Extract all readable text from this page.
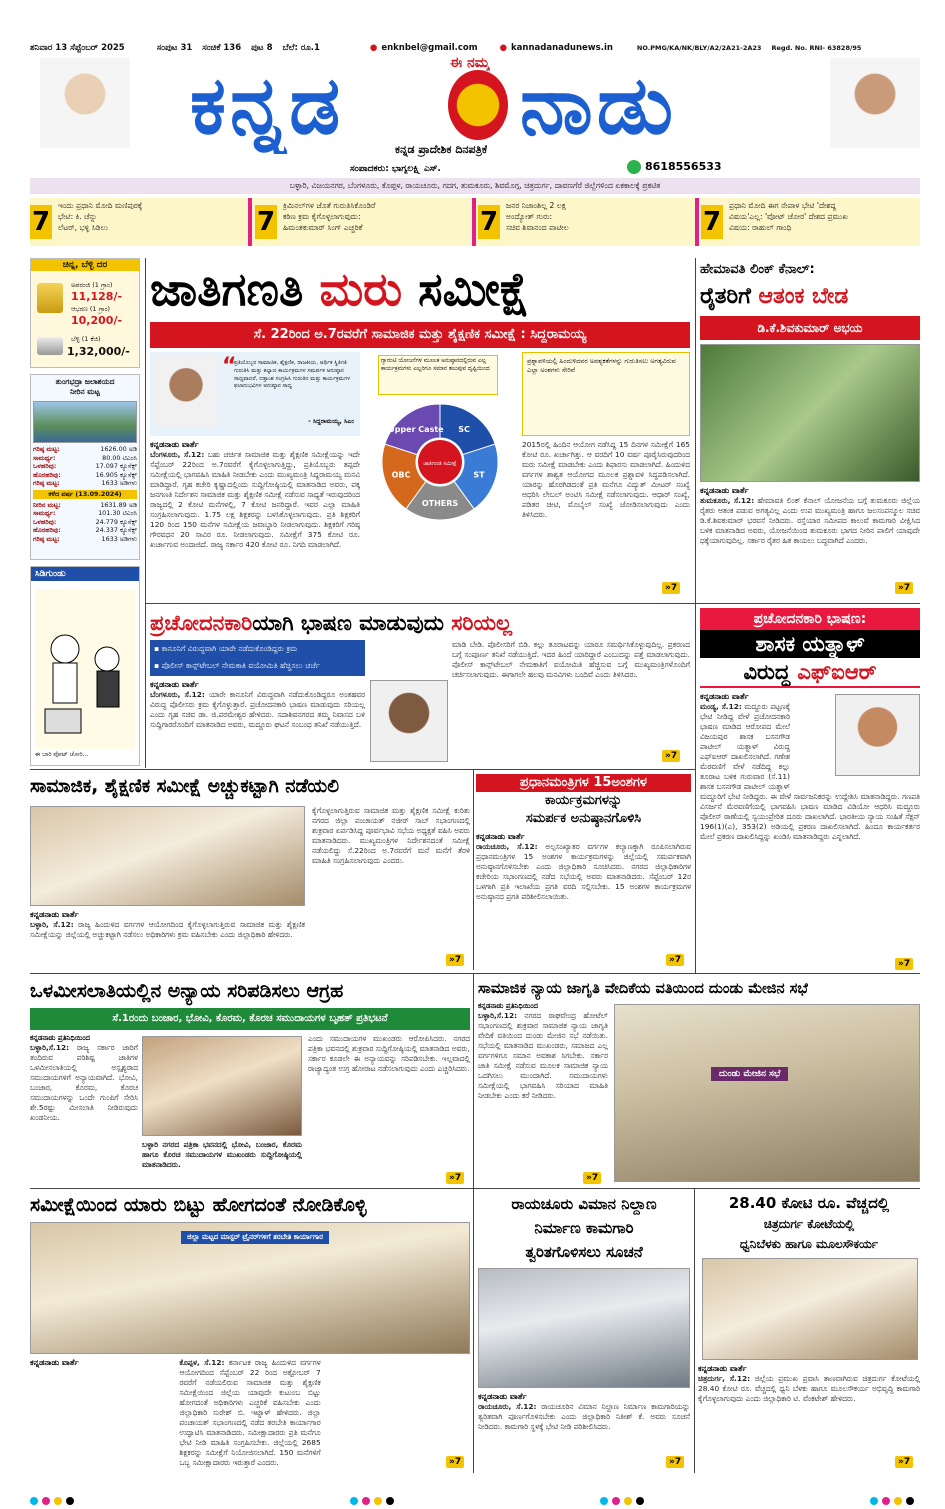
ಶನಿವಾರ 13 ಸೆಪ್ಟೆಂಬರ್ 2025	ಸಂಪುಟ 31 ಸಂಚಿಕೆ 136 ಪುಟ 8 ಬೆಲೆ: ರೂ.1	● enknbel@gmail.com	● kannadanadunews.in	NO.PMG/KA/NK/BLY/A2/2A21-2A23 Regd. No. RNI- 63828/95
ಕನ್ನಡ	ಈ ನಮ್ಮ ನಾಡು
ಕನ್ನಡ ಪ್ರಾದೇಶಿಕ ದಿನಪತ್ರಿಕೆ
ಸಂಪಾದಕರು: ಭಾಗ್ಯಲಕ್ಷ್ಮಿ ಎಸ್.	8618556533
ಬಳ್ಳಾರಿ, ವಿಜಯನಗರ, ಬೆಂಗಳೂರು, ಕೊಪ್ಪಳ, ರಾಯಚೂರು, ಗದಗ, ತುಮಕೂರು, ಶಿವಮೊಗ್ಗ, ಚಿತ್ರದುರ್ಗ, ದಾವಣಗೆರೆ ಜಿಲ್ಲೆಗಳಿಂದ ಏಕಕಾಲಕ್ಕೆ ಪ್ರಕಟಿತ
7
ಇಂದು ಪ್ರಧಾನಿ ಮೋದಿ ಮಣಿಪುರಕ್ಕೆ
ಭೇಟಿ: ಕಿ. ಚೆನ್ನು
ಲೆಟರ್, ಭಳ್ಳಿ ಸಿಡಿಲು	7
ಕ್ರಿಮಿನಲ್‌ಗಳ ಜೊತೆ ಗುರುತಿಸಿಕೊಂಡಿರೆ
ಕಠಿಣ ಕ್ರಮ ಕೈಗೊಳ್ಳಲಾಗುವುದು:
ಹಿಮಂತಕುಮಾರ್ ಸಿಂಗ್ ಎಚ್ಚರಿಕೆ	7
ಜನರ ನಿಜಾಂಶಿಲ್ಲ 2 ಲಕ್ಷ
ಅಂದ್ಯೋತ್ ಗುರು:
ಸಚಿವ ಶಿವಾನಂದ ಪಾಟೀಲ	7
ಪ್ರಧಾನಿ ಮೋದಿ ಈಗ ನೇಪಾಳ ಭೇಟಿ 'ದೇಶದ್ದ
ವಿಷಯ'ಎಲ್ಲ: 'ವೋಟ್ ಚೋರ' ದೇಶದ ಪ್ರಮುಖ
ವಿಷಯ: ರಾಹುಲ್ ಗಾಂಧಿ
ಚಿನ್ನ, ಬೆಳ್ಳಿ ದರ
ಅಪರಂಜಿ (1 ಗ್ರಾಂ)
11,128/-
ಆಭರಣ (1 ಗ್ರಾಂ)
10,200/-
ಬೆಳ್ಳಿ (1 ಕೆಜಿ)
1,32,000/-
ತುಂಗಭದ್ರಾ ಜಲಾಶಯದ
ನೀರಿನ ಮಟ್ಟ
ಗರಿಷ್ಠ ಮಟ್ಟ:	1626.00 ಅಡಿ
ಸಾಮರ್ಥ್ಯ:	80.00 ಟಿಎಂಸಿ
ಒಳಹರಿವು:	17.097 ಕ್ಯೂಸೆಕ್ಸ್
ಹೊರಹರಿವು:	16.905 ಕ್ಯೂಸೆಕ್ಸ್
ಗರಿಷ್ಠ ಮಟ್ಟ:	1633 ಅಡಿಗಳು
ಕಳೆದ ವರ್ಷ (13.09.2024)
ನೀರಿನ ಮಟ್ಟ:	1631.89 ಅಡಿ
ಸಾಮರ್ಥ್ಯ:	101.30 ಟಿಎಂಸಿ
ಒಳಹರಿವು:	24.779 ಕ್ಯೂಸೆಕ್ಸ್
ಹೊರಹರಿವು:	24.337 ಕ್ಯೂಸೆಕ್ಸ್
ಗರಿಷ್ಠ ಮಟ್ಟ:	1633 ಅಡಿಗಳು
ಸಿಡಿಗುಂಡು
ಈ ಬಾರಿ ವೋಟ್ ಚೋರಿ...
ಜಾತಿಗಣತಿ ಮರು ಸಮೀಕ್ಷೆ
ಸೆ. 22ರಿಂದ ಅ.7ರವರೆಗೆ ಸಾಮಾಜಿಕ ಮತ್ತು ಶೈಕ್ಷಣಿಕ ಸಮೀಕ್ಷೆ : ಸಿದ್ದರಾಮಯ್ಯ
“
ಪ್ರತಿಯೊಬ್ಬರ ಸಾಮಾಜಿಕ, ಶೈಕ್ಷಣಿಕ, ರಾಜಕೀಯ, ಆರ್ಥಿಕ ಸ್ಥಿತಿಗತಿ ಗುರುತಿಸಿ ಮತ್ತು ಕಲ್ಯಾಣ ಕಾರ್ಯಕ್ರಮಗಳ ಸಮರ್ಪಕ ಅನುಷ್ಠಾನ ಸಾಧ್ಯವಾದರೆ, ದತ್ತಾಂಶ ಸಂಗ್ರಹಿಸಿ ಗುರುತಿನ ಮತ್ತು ಕಾರ್ಯಕ್ರಮಗಳ ಫಲಾನುಭವಿಗಳ ಅನುಷ್ಠಾನ ಸಾಧ್ಯ
- ಸಿದ್ದರಾಮಯ್ಯ, ಸಿಎಂ
SC
ST
OTHERS
OBC
Upper Caste
ಜಾತಿಗಣತಿ ಸಮೀಕ್ಷೆ
ಗ್ಯಾರಂಟಿ ಯೋಜನೆಗಳ ಮೂಲಕ ಅನುಷ್ಠಾನದಲ್ಲಿರುವ ಎಲ್ಲ ಕಾರ್ಯಕ್ರಮಗಳು ಎಲ್ಲರಿಗೂ ಸಮಾನ ತಲುಪುವ ದೃಷ್ಟಿಯಿಂದ
ಪ್ರಶ್ನಾವಳಿಯಲ್ಲಿ ಹಿಂದುಳಿದವರ ಅವಶ್ಯಕತೆಗಳನ್ನು ಗುರುತಿಸಲು ಅಗತ್ಯವಿರುವ ಎಲ್ಲಾ ಅಂಶಗಳು ಸೇರಿವೆ
ಕನ್ನಡನಾಡು ವಾರ್ತೆ
ಬೆಂಗಳೂರು, ಸೆ.12: ಬಹು ಚರ್ಚಿತ ಸಾಮಾಜಿಕ ಮತ್ತು ಶೈಕ್ಷಣಿಕ ಸಮೀಕ್ಷೆಯನ್ನು ಇದೇ ಸೆಪ್ಟೆಂಬರ್ 22ರಿಂದ ಅ.7ರವರೆಗೆ ಕೈಗೊಳ್ಳಲಾಗುತ್ತಿದ್ದು, ಪ್ರತಿಯೊಬ್ಬರು ತಪ್ಪದೇ ಸಮೀಕ್ಷೆಯಲ್ಲಿ ಭಾಗವಹಿಸಿ ಮಾಹಿತಿ ನೀಡಬೇಕು ಎಂದು ಮುಖ್ಯಮಂತ್ರಿ ಸಿದ್ದರಾಮಯ್ಯ ಮನವಿ ಮಾಡಿದ್ದಾರೆ. ಗೃಹ ಕಚೇರಿ ಕೃಷ್ಣಾದಲ್ಲಿಂದು ಸುದ್ದಿಗೋಷ್ಠಿಯಲ್ಲಿ ಮಾತನಾಡಿದ ಅವರು, ಪಕ್ಕ ಜನಗಣತಿ ನಿರ್ದೇಶನ ಸಾಮಾಜಿಕ ಮತ್ತು ಶೈಕ್ಷಣಿಕ ಸಮೀಕ್ಷೆ ನಡೆಸುವ ಸಾಧ್ಯತೆ ಇರುವುದರಿಂದ ರಾಜ್ಯದಲ್ಲಿ 2 ಕೋಟಿ ಮನೆಗಳಲ್ಲಿ, 7 ಕೋಟಿ ಜನರಿದ್ದಾರೆ. ಇವರ ಎಲ್ಲಾ ಮಾಹಿತಿ ಸಂಗ್ರಹಿಸಲಾಗುವುದು. 1.75 ಲಕ್ಷ ಶಿಕ್ಷಕರನ್ನು ಬಳಸಿಕೊಳ್ಳಲಾಗುವುದು. ಪ್ರತಿ ಶಿಕ್ಷಕರಿಗೆ 120 ರಿಂದ 150 ಮನೆಗಳ ಸಮೀಕ್ಷೆಯ ಜವಾಬ್ದಾರಿ ನೀಡಲಾಗುವುದು. ಶಿಕ್ಷಕರಿಗೆ ಗರಿಷ್ಠ ಗೌರವಧನ 20 ಸಾವಿರ ರೂ. ನೀಡಲಾಗುವುದು. ಸಮೀಕ್ಷೆಗೆ 375 ಕೋಟಿ ರೂ. ಖರ್ಚಾಗುವ ಅಂದಾಜಿದೆ. ರಾಜ್ಯ ಸರ್ಕಾರ 420 ಕೋಟಿ ರೂ. ನಿಗದಿ ಮಾಡಲಾಗಿದೆ.
2015ರಲ್ಲಿ ಹಿಂದಿನ ಆಯೋಗ ನಡೆಸಿದ್ದ 15 ದಿನಗಳ ಸಮೀಕ್ಷೆಗೆ 165 ಕೋಟಿ ರೂ. ಖರ್ಚಾಗಿತ್ತು. ಆ ವರದಿಗೆ 10 ವರ್ಷ ಪೂರೈಸಿರುವುದರಿಂದ ಮರು ಸಮೀಕ್ಷೆ ಮಾಡಬೇಕು ಎಂದು ಶಿಫಾರಸು ಮಾಡಲಾಗಿದೆ. ಹಿಂದುಳಿದ ವರ್ಗಗಳ ಶಾಶ್ವತ ಆಯೋಗದ ಮೂಲಕ ಪ್ರಶ್ನಾವಳಿ ಸಿದ್ಧಪಡಿಸಲಾಗಿದೆ. ಯಾರನ್ನು ಹೊರಗಿಡದಂತೆ ಪ್ರತಿ ಮನೆಗೂ ವಿದ್ಯುತ್ ಮೀಟರ್ ಸಂಖ್ಯೆ ಆಧರಿಸಿ ಲೇಬಲ್ ಅಂಟಿಸಿ ಸಮೀಕ್ಷೆ ನಡೆಸಲಾಗುವುದು. ಆಧಾರ್ ಸಂಖ್ಯೆ, ಪಡಿತರ ಚೀಟಿ, ಮೊಬೈಲ್ ಸಂಖ್ಯೆ ಜೋಡಿಸಲಾಗುವುದು ಎಂದು ತಿಳಿಸಿದರು.
»7
ಹೇಮಾವತಿ ಲಿಂಕ್ ಕೆನಾಲ್:
ರೈತರಿಗೆ ಆತಂಕ ಬೇಡ
ಡಿ.ಕೆ.ಶಿವಕುಮಾರ್ ಅಭಯ
ಕನ್ನಡನಾಡು ವಾರ್ತೆ
ತುಮಕೂರು, ಸೆ.12: ಹೇಮಾವತಿ ಲಿಂಕ್ ಕೆನಾಲ್ ಯೋಜನೆಯ ಬಗ್ಗೆ ತುಮಕೂರು ಜಿಲ್ಲೆಯ ರೈತರು ಆತಂಕ ಪಡುವ ಅಗತ್ಯವಿಲ್ಲ ಎಂದು ಉಪ ಮುಖ್ಯಮಂತ್ರಿ ಹಾಗೂ ಜಲಸಂಪನ್ಮೂಲ ಸಚಿವ ಡಿ.ಕೆ.ಶಿವಕುಮಾರ್ ಭರವಸೆ ನೀಡಿದರು. ರಸ್ತೆಯಾರ ಸಮೀಪದ ಕಾಲುವೆ ಕಾಮಗಾರಿ ವೀಕ್ಷಿಸಿದ ಬಳಿಕ ಮಾತನಾಡಿದ ಅವರು, ಯೋಜನೆಯಿಂದ ತುಮಕೂರು ಭಾಗದ ನೀರಿನ ಪಾಲಿಗೆ ಯಾವುದೇ ಧಕ್ಕೆಯಾಗುವುದಿಲ್ಲ. ಸರ್ಕಾರ ರೈತರ ಹಿತ ಕಾಯಲು ಬದ್ಧವಾಗಿದೆ ಎಂದರು.
»7
ಪ್ರಚೋದನಕಾರಿಯಾಗಿ ಭಾಷಣ ಮಾಡುವುದು ಸರಿಯಲ್ಲ
▪ ಕಾನೂನಿಗೆ ವಿರುದ್ಧವಾಗಿ ಯಾರೇ ನಡೆದುಕೊಂಡಿದ್ದರು ಕ್ರಮ
▪ ಪೊಲೀಸ್ ಕಾನ್ಸ್‌ಟೇಬಲ್ ನೇಮಕಾತಿ ವಯೋಮಿತಿ ಹೆಚ್ಚಿಸಲು ಚರ್ಚೆ
ಕನ್ನಡನಾಡು ವಾರ್ತೆ
ಬೆಂಗಳೂರು, ಸೆ.12: ಯಾರೇ ಕಾನೂನಿಗೆ ವಿರುದ್ಧವಾಗಿ ನಡೆದುಕೊಂಡಿದ್ದರೂ ಅಂತಹವರ ವಿರುದ್ಧ ಪೊಲೀಸರು ಕ್ರಮ ಕೈಗೊಳ್ಳುತ್ತಾರೆ. ಪ್ರಚೋದನಕಾರಿ ಭಾಷಣ ಮಾಡುವುದು ಸರಿಯಲ್ಲ ಎಂದು ಗೃಹ ಸಚಿವ ಡಾ. ಜಿ.ಪರಮೇಶ್ವರ ಹೇಳಿದರು. ಸದಾಶಿವನಗರದ ತಮ್ಮ ನಿವಾಸದ ಬಳಿ ಸುದ್ದಿಗಾರರೊಂದಿಗೆ ಮಾತನಾಡಿದ ಅವರು, ಮದ್ದೂರು ಘಟನೆ ಸಂಬಂಧ ತನಿಖೆ ನಡೆಯುತ್ತಿದೆ.
ಮಾಡಿ ಬೇಡಿ. ಪೊಲೀಸರಿಗೆ ಬಿಡಿ. ಕಲ್ಲು ತೂರಾಟವನ್ನು ಯಾರೂ ಸಮರ್ಥಿಸಿಕೊಳ್ಳುವುದಿಲ್ಲ. ಪ್ರಕರಣದ ಬಗ್ಗೆ ಸಂಪೂರ್ಣ ತನಿಖೆ ನಡೆಯುತ್ತಿದೆ. ಇದರ ಹಿಂದೆ ಯಾರಿದ್ದಾರೆ ಎಂಬುದನ್ನು ಪತ್ತೆ ಮಾಡಲಾಗುವುದು. ಪೊಲೀಸ್ ಕಾನ್ಸ್‌ಟೇಬಲ್ ನೇಮಕಾತಿಗೆ ವಯೋಮಿತಿ ಹೆಚ್ಚಿಸುವ ಬಗ್ಗೆ ಮುಖ್ಯಮಂತ್ರಿಗಳೊಂದಿಗೆ ಚರ್ಚಿಸಲಾಗುವುದು. ಈಗಾಗಲೇ ಹಲವು ಮನವಿಗಳು ಬಂದಿವೆ ಎಂದು ತಿಳಿಸಿದರು.
»7
ಪ್ರಚೋದನಕಾರಿ ಭಾಷಣ:
ಶಾಸಕ ಯತ್ನಾಳ್
ವಿರುದ್ಧ ಎಫ್‌ಐಆರ್
ಕನ್ನಡನಾಡು ವಾರ್ತೆ
ಮಂಡ್ಯ, ಸೆ.12: ಮದ್ದೂರು ಪಟ್ಟಣಕ್ಕೆ ಭೇಟಿ ನೀಡಿದ್ದ ವೇಳೆ ಪ್ರಚೋದನಕಾರಿ ಭಾಷಣ ಮಾಡಿದ ಆರೋಪದ ಮೇಲೆ ವಿಜಯಪುರ ಶಾಸಕ ಬಸನಗೌಡ ಪಾಟೀಲ್ ಯತ್ನಾಳ್ ವಿರುದ್ಧ ಎಫ್‌ಐಆರ್ ದಾಖಲಿಸಲಾಗಿದೆ. ಗಣೇಶ ಮೆರವಣಿಗೆ ವೇಳೆ ನಡೆದಿದ್ದ ಕಲ್ಲು ತೂರಾಟ ಬಳಿಕ ಗುರುವಾರ (ಸೆ.11) ಶಾಸಕ ಬಸನಗೌಡ ಪಾಟೀಲ್ ಯತ್ನಾಳ್ ಮದ್ದೂರಿಗೆ ಭೇಟಿ ನೀಡಿದ್ದರು. ಈ ವೇಳೆ ಸಾರ್ವಜನಿಕರನ್ನು ಉದ್ದೇಶಿಸಿ ಮಾತನಾಡಿದ್ದರು. ಗಣಪತಿ ವಿಸರ್ಜನೆ ಮೆರವಣಿಗೆಯಲ್ಲಿ ಭಾಗವಹಿಸಿ ಭಾಷಣ ಮಾಡಿದ ವಿಡಿಯೋ ಆಧರಿಸಿ ಮದ್ದೂರು ಪೊಲೀಸ್ ಠಾಣೆಯಲ್ಲಿ ಸ್ವಯಂಪ್ರೇರಿತ ದೂರು ದಾಖಲಾಗಿದೆ. ಭಾರತೀಯ ನ್ಯಾಯ ಸಂಹಿತೆ ಸೆಕ್ಷನ್ 196(1)(ಎ), 353(2) ಅಡಿಯಲ್ಲಿ ಪ್ರಕರಣ ದಾಖಲಿಸಲಾಗಿದೆ. ಹಿಂದೂ ಕಾರ್ಯಕರ್ತರ ಮೇಲೆ ಪ್ರಕರಣ ದಾಖಲಿಸಿದ್ದನ್ನು ಖಂಡಿಸಿ ಮಾತನಾಡಿದ್ದರು ಎನ್ನಲಾಗಿದೆ.
»7
ಸಾಮಾಜಿಕ, ಶೈಕ್ಷಣಿಕ ಸಮೀಕ್ಷೆ ಅಚ್ಚುಕಟ್ಟಾಗಿ ನಡೆಯಲಿ
ಕನ್ನಡನಾಡು ವಾರ್ತೆ
ಬಳ್ಳಾರಿ, ಸೆ.12: ರಾಜ್ಯ ಹಿಂದುಳಿದ ವರ್ಗಗಳ ಆಯೋಗದಿಂದ ಕೈಗೊಳ್ಳಲಾಗುತ್ತಿರುವ ಸಾಮಾಜಿಕ ಮತ್ತು ಶೈಕ್ಷಣಿಕ ಸಮೀಕ್ಷೆಯನ್ನು ಜಿಲ್ಲೆಯಲ್ಲಿ ಅಚ್ಚುಕಟ್ಟಾಗಿ ನಡೆಸಲು ಅಧಿಕಾರಿಗಳು ಕ್ರಮ ವಹಿಸಬೇಕು ಎಂದು ಜಿಲ್ಲಾಧಿಕಾರಿ ಹೇಳಿದರು.
ಕೈಗೊಳ್ಳಲಾಗುತ್ತಿರುವ ಸಾಮಾಜಿಕ ಮತ್ತು ಶೈಕ್ಷಣಿಕ ಸಮೀಕ್ಷೆ ಕುರಿತು ನಗರದ ಜಿಲ್ಲಾ ಪಂಚಾಯತ್ ನಜೀರ್ ಸಾಬ್ ಸಭಾಂಗಣದಲ್ಲಿ ಶುಕ್ರವಾರ ಏರ್ಪಡಿಸಿದ್ದ ಪೂರ್ವಭಾವಿ ಸಭೆಯ ಅಧ್ಯಕ್ಷತೆ ವಹಿಸಿ ಅವರು ಮಾತನಾಡಿದರು. ಮುಖ್ಯಮಂತ್ರಿಗಳ ನಿರ್ದೇಶನದಂತೆ ಸಮೀಕ್ಷೆ ನಡೆಯಲಿದ್ದು ಸೆ.22ರಿಂದ ಅ.7ರವರೆಗೆ ಮನೆ ಮನೆಗೆ ತೆರಳಿ ಮಾಹಿತಿ ಸಂಗ್ರಹಿಸಲಾಗುವುದು ಎಂದರು.
»7
ಪ್ರಧಾನಮಂತ್ರಿಗಳ 15ಅಂಶಗಳ
ಕಾರ್ಯಕ್ರಮಗಳನ್ನು
ಸಮರ್ಪಕ ಅನುಷ್ಠಾನಗೊಳಿಸಿ
ಕನ್ನಡನಾಡು ವಾರ್ತೆ
ರಾಯಚೂರು, ಸೆ.12: ಅಲ್ಪಸಂಖ್ಯಾತರ ವರ್ಗಗಳ ಕಲ್ಯಾಣಕ್ಕಾಗಿ ರೂಪಿಸಲಾಗಿರುವ ಪ್ರಧಾನಮಂತ್ರಿಗಳ 15 ಅಂಶಗಳ ಕಾರ್ಯಕ್ರಮಗಳನ್ನು ಜಿಲ್ಲೆಯಲ್ಲಿ ಸಮರ್ಪಕವಾಗಿ ಅನುಷ್ಠಾನಗೊಳಿಸಬೇಕು ಎಂದು ಜಿಲ್ಲಾಧಿಕಾರಿ ಸೂಚಿಸಿದರು. ನಗರದ ಜಿಲ್ಲಾಧಿಕಾರಿಗಳ ಕಚೇರಿಯ ಸಭಾಂಗಣದಲ್ಲಿ ನಡೆದ ಸಭೆಯಲ್ಲಿ ಅವರು ಮಾತನಾಡಿದರು. ಸೆಪ್ಟೆಂಬರ್ 12ರ ಒಳಗಾಗಿ ಪ್ರತಿ ಇಲಾಖೆಯ ಪ್ರಗತಿ ವರದಿ ಸಲ್ಲಿಸಬೇಕು. 15 ಅಂಶಗಳ ಕಾರ್ಯಕ್ರಮಗಳ ಅನುಷ್ಠಾನದ ಪ್ರಗತಿ ಪರಿಶೀಲಿಸಲಾಯಿತು.
»7
ಒಳಮೀಸಲಾತಿಯಲ್ಲಿನ ಅನ್ಯಾಯ ಸರಿಪಡಿಸಲು ಆಗ್ರಹ
ಸೆ.1ರಂದು ಬಂಜಾರ, ಭೋವಿ, ಕೊರಮ, ಕೊರಚ ಸಮುದಾಯಗಳ ಬೃಹತ್ ಪ್ರತಿಭಟನೆ
ಕನ್ನಡನಾಡು ಪ್ರತಿನಿಧಿಯಿಂದ
ಬಳ್ಳಾರಿ,ಸೆ.12: ರಾಜ್ಯ ಸರ್ಕಾರ ಜಾರಿಗೆ ತಂದಿರುವ ಪರಿಶಿಷ್ಟ ಜಾತಿಗಳ ಒಳಮೀಸಲಾತಿಯಲ್ಲಿ ಅಸ್ಪೃಶ್ಯರಾದ ಸಮುದಾಯಗಳಿಗೆ ಅನ್ಯಾಯವಾಗಿದೆ. ಭೋವಿ, ಬಂಜಾರ, ಕೊರಮ, ಕೊರಚ ಸಮುದಾಯಗಳನ್ನು ಒಂದೇ ಗುಂಪಿಗೆ ಸೇರಿಸಿ ಶೇ.5ರಷ್ಟು ಮೀಸಲಾತಿ ನೀಡಿರುವುದು ಖಂಡನೀಯ.
ಬಳ್ಳಾರಿ ನಗರದ ಪತ್ರಿಕಾ ಭವನದಲ್ಲಿ ಭೋವಿ, ಬಂಜಾರ, ಕೊರಮ ಹಾಗೂ ಕೊರಚ ಸಮುದಾಯಗಳ ಮುಖಂಡರು ಸುದ್ದಿಗೋಷ್ಠಿಯಲ್ಲಿ ಮಾತನಾಡಿದರು.
ಎಂದು ಸಮುದಾಯಗಳ ಮುಖಂಡರು ಆರೋಪಿಸಿದರು. ನಗರದ ಪತ್ರಿಕಾ ಭವನದಲ್ಲಿ ಶುಕ್ರವಾರ ಸುದ್ದಿಗೋಷ್ಠಿಯಲ್ಲಿ ಮಾತನಾಡಿದ ಅವರು, ಸರ್ಕಾರ ಕೂಡಲೇ ಈ ಅನ್ಯಾಯವನ್ನು ಸರಿಪಡಿಸಬೇಕು. ಇಲ್ಲವಾದಲ್ಲಿ ರಾಜ್ಯಾದ್ಯಂತ ಉಗ್ರ ಹೋರಾಟ ನಡೆಸಲಾಗುವುದು ಎಂದು ಎಚ್ಚರಿಸಿದರು.
»7
ಸಾಮಾಜಿಕ ನ್ಯಾಯ ಜಾಗೃತಿ ವೇದಿಕೆಯ ವತಿಯಿಂದ ದುಂಡು ಮೇಜಿನ ಸಭೆ
ಕನ್ನಡನಾಡು ಪ್ರತಿನಿಧಿಯಿಂದ
ಬಳ್ಳಾರಿ,ಸೆ.12: ನಗರದ ರಾಘವೇಂದ್ರ ಹೋಟೆಲ್ ಸಭಾಂಗಣದಲ್ಲಿ ಶುಕ್ರವಾರ ಸಾಮಾಜಿಕ ನ್ಯಾಯ ಜಾಗೃತಿ ವೇದಿಕೆ ವತಿಯಿಂದ ದುಂಡು ಮೇಜಿನ ಸಭೆ ನಡೆಯಿತು. ಸಭೆಯಲ್ಲಿ ಮಾತನಾಡಿದ ಮುಖಂಡರು, ಸಮಾಜದ ಎಲ್ಲ ವರ್ಗಗಳಿಗೂ ಸಮಾನ ಅವಕಾಶ ಸಿಗಬೇಕು. ಸರ್ಕಾರ ಜಾತಿ ಸಮೀಕ್ಷೆ ನಡೆಸುವ ಮೂಲಕ ಸಾಮಾಜಿಕ ನ್ಯಾಯ ಒದಗಿಸಲು ಮುಂದಾಗಿದೆ. ಸಮುದಾಯಗಳು ಸಮೀಕ್ಷೆಯಲ್ಲಿ ಭಾಗವಹಿಸಿ ಸರಿಯಾದ ಮಾಹಿತಿ ನೀಡಬೇಕು ಎಂದು ಕರೆ ನೀಡಿದರು.
ದುಂಡು ಮೇಜಿನ ಸಭೆ
»7
ಸಮೀಕ್ಷೆಯಿಂದ ಯಾರು ಬಿಟ್ಟು ಹೋಗದಂತೆ ನೋಡಿಕೊಳ್ಳಿ
ಜಿಲ್ಲಾ ಮಟ್ಟದ ಮಾಸ್ಟರ್ ಟ್ರೈನರ್‌ಗಳಿಗೆ ತರಬೇತಿ ಕಾರ್ಯಾಗಾರ
ಕನ್ನಡನಾಡು ವಾರ್ತೆ	ಕೊಪ್ಪಳ, ಸೆ.12: ಕರ್ನಾಟಕ ರಾಜ್ಯ ಹಿಂದುಳಿದ ವರ್ಗಗಳ ಆಯೋಗದಿಂದ ಸೆಪ್ಟೆಂಬರ್ 22 ರಿಂದ ಅಕ್ಟೋಬರ್ 7 ರವರೆಗೆ ನಡೆಯಲಿರುವ ಸಾಮಾಜಿಕ ಮತ್ತು ಶೈಕ್ಷಣಿಕ ಸಮೀಕ್ಷೆಯಿಂದ ಜಿಲ್ಲೆಯ ಯಾವುದೇ ಕುಟುಂಬ ಬಿಟ್ಟು ಹೋಗದಂತೆ ಅಧಿಕಾರಿಗಳು ಎಚ್ಚರಿಕೆ ವಹಿಸಬೇಕು ಎಂದು ಜಿಲ್ಲಾಧಿಕಾರಿ ಸುರೇಶ್ ಬಿ. ಇಟ್ನಾಳ್ ಹೇಳಿದರು. ಜಿಲ್ಲಾ ಪಂಚಾಯತ್ ಸಭಾಂಗಣದಲ್ಲಿ ನಡೆದ ತರಬೇತಿ ಕಾರ್ಯಾಗಾರ ಉದ್ಘಾಟಿಸಿ ಮಾತನಾಡಿದರು. ಸಮೀಕ್ಷಾದಾರರು ಪ್ರತಿ ಮನೆಗೂ ಭೇಟಿ ನೀಡಿ ಮಾಹಿತಿ ಸಂಗ್ರಹಿಸಬೇಕು. ಜಿಲ್ಲೆಯಲ್ಲಿ 2685 ಶಿಕ್ಷಕರನ್ನು ಸಮೀಕ್ಷೆಗೆ ನಿಯೋಜಿಸಲಾಗಿದೆ. 150 ಮನೆಗಳಿಗೆ ಒಬ್ಬ ಸಮೀಕ್ಷಾದಾರರು ಇರುತ್ತಾರೆ ಎಂದರು.	»7
ರಾಯಚೂರು ವಿಮಾನ ನಿಲ್ದಾಣ
ನಿರ್ಮಾಣ ಕಾಮಗಾರಿ
ತ್ವರಿತಗೊಳಿಸಲು ಸೂಚನೆ
ಕನ್ನಡನಾಡು ವಾರ್ತೆ
ರಾಯಚೂರು, ಸೆ.12: ರಾಯಚೂರಿನ ವಿಮಾನ ನಿಲ್ದಾಣ ನಿರ್ಮಾಣ ಕಾಮಗಾರಿಯನ್ನು ತ್ವರಿತವಾಗಿ ಪೂರ್ಣಗೊಳಿಸಬೇಕು ಎಂದು ಜಿಲ್ಲಾಧಿಕಾರಿ ನಿತೀಶ್ ಕೆ. ಅವರು ಸೂಚನೆ ನೀಡಿದರು. ಕಾಮಗಾರಿ ಸ್ಥಳಕ್ಕೆ ಭೇಟಿ ನೀಡಿ ಪರಿಶೀಲಿಸಿದರು.
»7
28.40 ಕೋಟಿ ರೂ. ವೆಚ್ಚದಲ್ಲಿ
ಚಿತ್ರದುರ್ಗ ಕೋಟೆಯಲ್ಲಿ
ಧ್ವನಿಬೆಳಕು ಹಾಗೂ ಮೂಲಸೌಕರ್ಯ
ಕನ್ನಡನಾಡು ವಾರ್ತೆ
ಚಿತ್ರದುರ್ಗ, ಸೆ.12: ಜಿಲ್ಲೆಯ ಪ್ರಮುಖ ಪ್ರವಾಸಿ ತಾಣವಾಗಿರುವ ಚಿತ್ರದುರ್ಗ ಕೋಟೆಯಲ್ಲಿ 28.40 ಕೋಟಿ ರೂ. ವೆಚ್ಚದಲ್ಲಿ ಧ್ವನಿ ಬೆಳಕು ಹಾಗೂ ಮೂಲಸೌಕರ್ಯ ಅಭಿವೃದ್ಧಿ ಕಾಮಗಾರಿ ಕೈಗೊಳ್ಳಲಾಗುವುದು ಎಂದು ಜಿಲ್ಲಾಧಿಕಾರಿ ಟಿ. ವೆಂಕಟೇಶ್ ಹೇಳಿದರು.
»7
